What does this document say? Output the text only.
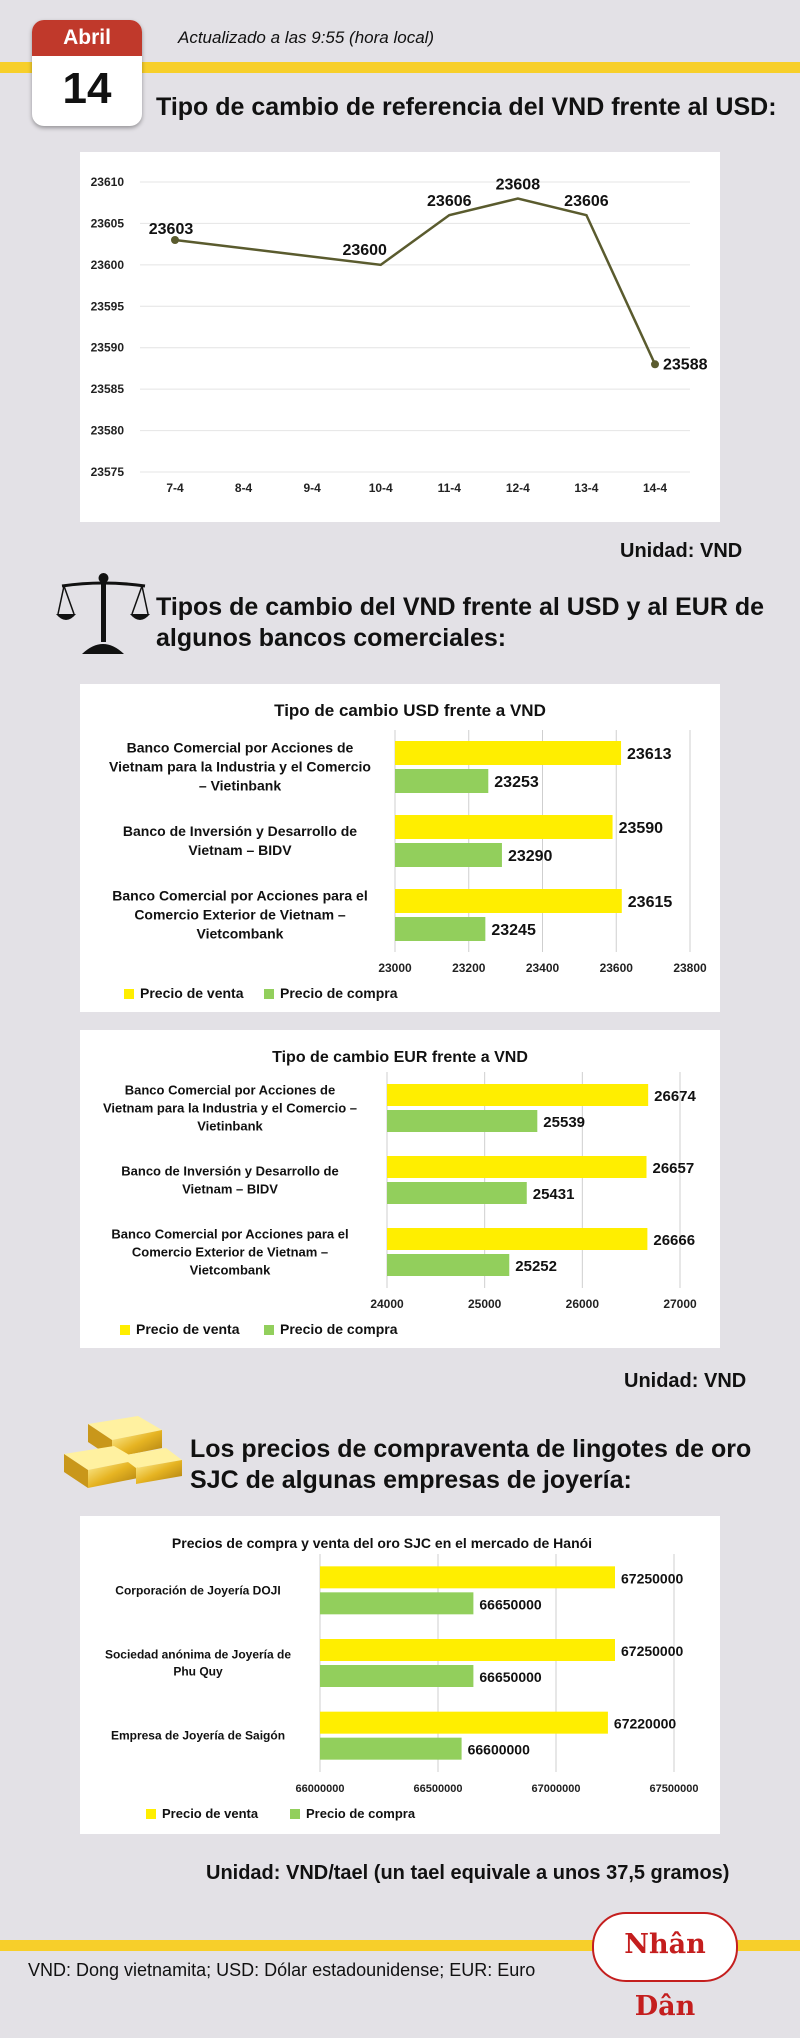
Abril
14
Actualizado a las 9:55 (hora local)
Tipo de cambio de referencia del VND frente al USD:
23575
23580
23585
23590
23595
23600
23605
23610
7-4	8-4	9-4	10-4	11-4	12-4	13-4	14-4
23603
23600
23606
23608
23606
23588
Unidad: VND
Tipos de cambio del VND frente al USD y al EUR de
algunos bancos comerciales:
Tipo de cambio USD frente a VND
23000	23200	23400	23600	23800
23613
23253
Banco Comercial por Acciones de
Vietnam para la Industria y el Comercio
– Vietinbank
23590
23290
Banco de Inversión y Desarrollo de
Vietnam – BIDV
23615
23245
Banco Comercial por Acciones para el
Comercio Exterior de Vietnam –
Vietcombank
Precio de venta	Precio de compra
Tipo de cambio EUR frente a VND
24000	25000	26000	27000
26674
25539
Banco Comercial por Acciones de
Vietnam para la Industria y el Comercio –
Vietinbank
26657
25431
Banco de Inversión y Desarrollo de
Vietnam – BIDV
26666
25252
Banco Comercial por Acciones para el
Comercio Exterior de Vietnam –
Vietcombank
Precio de venta	Precio de compra
Unidad: VND
Los precios de compraventa de lingotes de oro
SJC de algunas empresas de joyería:
Precios de compra y venta del oro SJC en el mercado de Hanói
66000000	66500000	67000000	67500000
67250000
66650000
Corporación de Joyería DOJI
67250000
66650000
Sociedad anónima de Joyería de
Phu Quy
67220000
66600000
Empresa de Joyería de Saigón
Precio de venta	Precio de compra
Unidad: VND/tael (un tael equivale a unos 37,5 gramos)
Nhân Dân
VND: Dong vietnamita; USD: Dólar estadounidense; EUR: Euro
